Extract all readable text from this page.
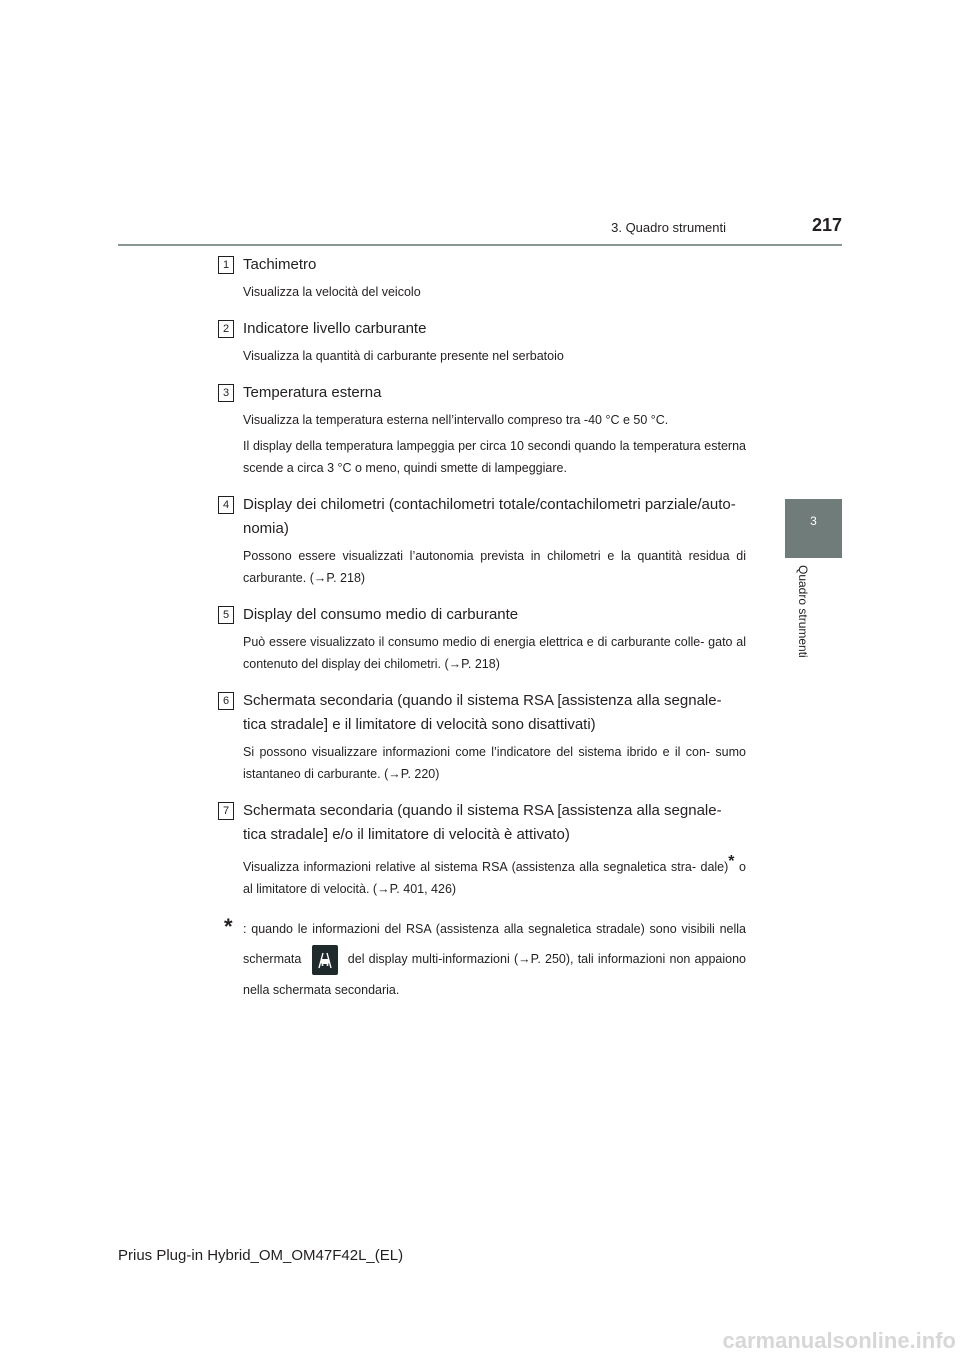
3. Quadro strumenti	217
3
Quadro strumenti
1 Tachimetro
Visualizza la velocità del veicolo
2 Indicatore livello carburante
Visualizza la quantità di carburante presente nel serbatoio
3 Temperatura esterna
Visualizza la temperatura esterna nell’intervallo compreso tra -40 °C e 50 °C.
Il display della temperatura lampeggia per circa 10 secondi quando la temperatura esterna scende a circa 3 °C o meno, quindi smette di lampeggiare.
4 Display dei chilometri (contachilometri totale/contachilometri parziale/auto- nomia)
Possono essere visualizzati l’autonomia prevista in chilometri e la quantità residua di carburante. (→P. 218)
5 Display del consumo medio di carburante
Può essere visualizzato il consumo medio di energia elettrica e di carburante colle- gato al contenuto del display dei chilometri. (→P. 218)
6 Schermata secondaria (quando il sistema RSA [assistenza alla segnale- tica stradale] e il limitatore di velocità sono disattivati)
Si possono visualizzare informazioni come l’indicatore del sistema ibrido e il con- sumo istantaneo di carburante. (→P. 220)
7 Schermata secondaria (quando il sistema RSA [assistenza alla segnale- tica stradale] e/o il limitatore di velocità è attivato)
Visualizza informazioni relative al sistema RSA (assistenza alla segnaletica stra- dale)* o al limitatore di velocità. (→P. 401, 426)
* : quando le informazioni del RSA (assistenza alla segnaletica stradale) sono visibili nella schermata	del display multi-informazioni (→P. 250), tali informazioni non appaiono nella schermata secondaria.
Prius Plug-in Hybrid_OM_OM47F42L_(EL)
carmanualsonline.info
